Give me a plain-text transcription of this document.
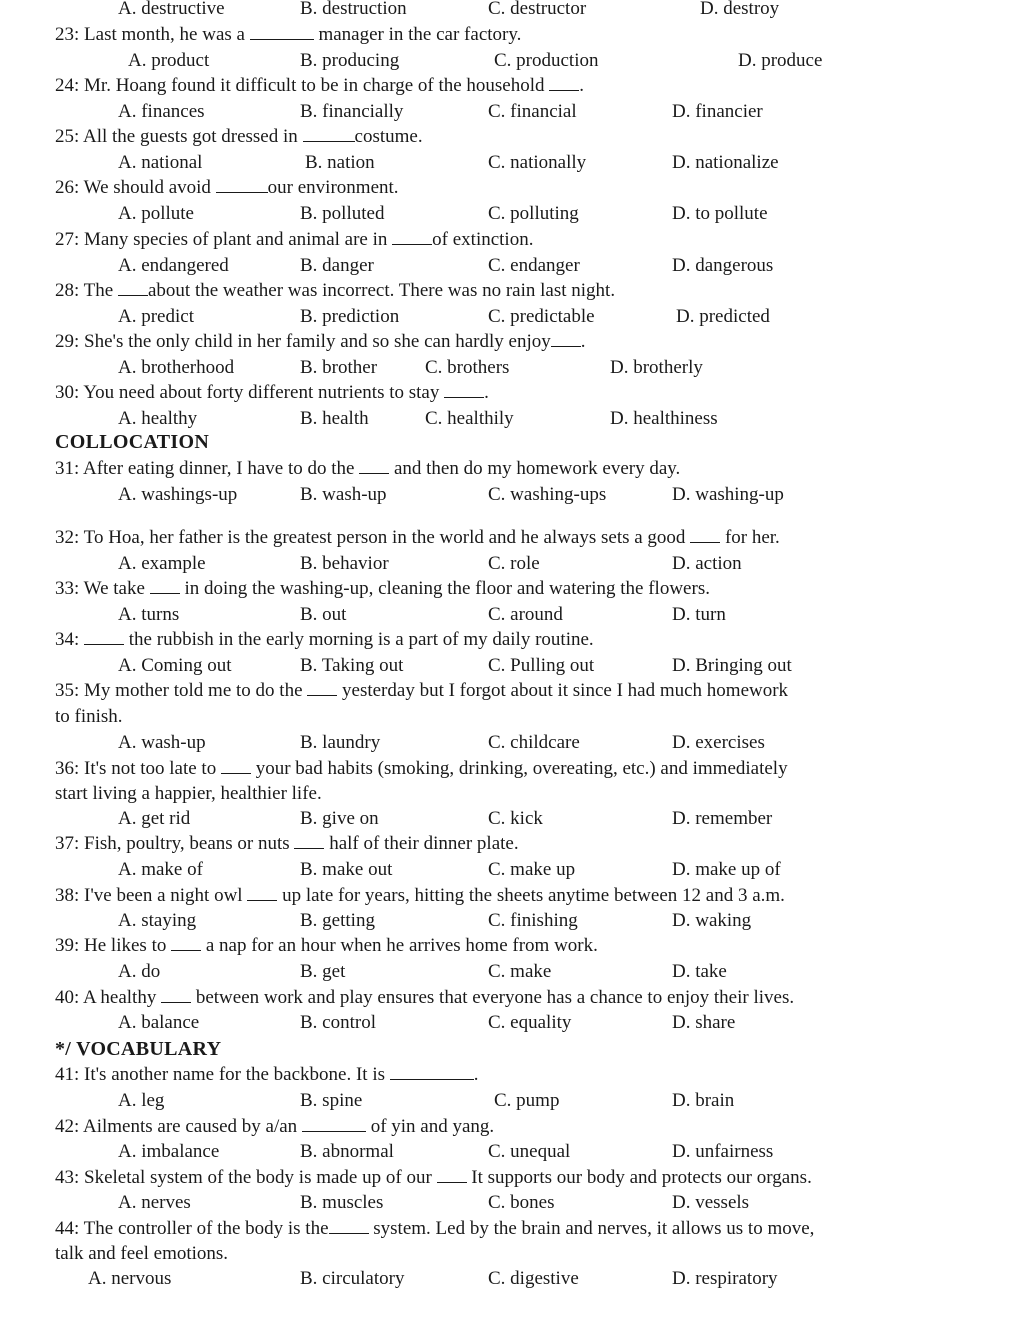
A. destructive	B. destruction	C. destructor	D. destroy
23: Last month, he was a	manager in the car factory.
A. product	B. producing	C. production	D. produce
24: Mr. Hoang found it difficult to be in charge of the household .
A. finances	B. financially	C. financial	D. financier
25: All the guests got dressed in	costume.
A. national	B. nation	C. nationally	D. nationalize
26: We should avoid	our environment.
A. pollute	B. polluted	C. polluting	D. to pollute
27: Many species of plant and animal are in of extinction.
A. endangered	B. danger	C. endanger	D. dangerous
28: The about the weather was incorrect. There was no rain last night.
A. predict	B. prediction	C. predictable	D. predicted
29: She's the only child in her family and so she can hardly enjoy .
A. brotherhood	B. brother	C. brothers	D. brotherly
30: You need about forty different nutrients to stay .
A. healthy	B. health	C. healthily	D. healthiness
31: After eating dinner, I have to do the  and then do my homework every day.
A. washings-up	B. wash-up	C. washing-ups	D. washing-up
32: To Hoa, her father is the greatest person in the world and he always sets a good  for her.
A. example	B. behavior	C. role	D. action
33: We take  in doing the washing-up, cleaning the floor and watering the flowers.
A. turns	B. out	C. around	D. turn
34:  the rubbish in the early morning is a part of my daily routine.
A. Coming out	B. Taking out	C. Pulling out	D. Bringing out
35: My mother told me to do the  yesterday but I forgot about it since I had much homework
to finish.
A. wash-up	B. laundry	C. childcare	D. exercises
36: It's not too late to  your bad habits (smoking, drinking, overeating, etc.) and immediately
start living a happier, healthier life.
A. get rid	B. give on	C. kick	D. remember
37: Fish, poultry, beans or nuts  half of their dinner plate.
A. make of	B. make out	C. make up	D. make up of
38: I've been a night owl  up late for years, hitting the sheets anytime between 12 and 3 a.m.
A. staying	B. getting	C. finishing	D. waking
39: He likes to  a nap for an hour when he arrives home from work.
A. do	B. get	C. make	D. take
40: A healthy  between work and play ensures that everyone has a chance to enjoy their lives.
A. balance	B. control	C. equality	D. share
41: It's another name for the backbone. It is	.
A. leg	B. spine	C. pump	D. brain
42: Ailments are caused by a/an	of yin and yang.
A. imbalance	B. abnormal	C. unequal	D. unfairness
43: Skeletal system of the body is made up of our  It supports our body and protects our organs.
A. nerves	B. muscles	C. bones	D. vessels
44: The controller of the body is the system. Led by the brain and nerves, it allows us to move,
talk and feel emotions.
A. nervous	B. circulatory	C. digestive	D. respiratory
COLLOCATION
*/ VOCABULARY
